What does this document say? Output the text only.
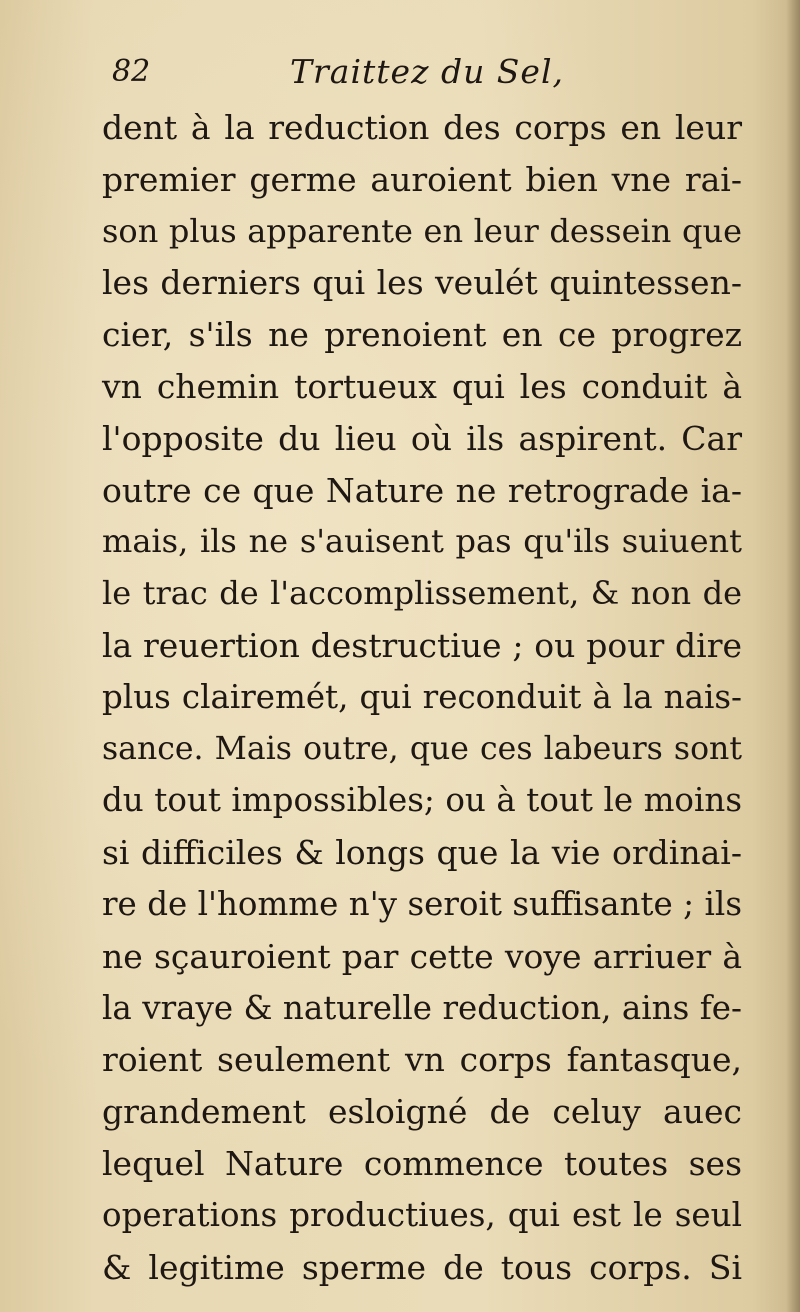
82	Traittez du Sel,
dent à la reduction des corps en leur
premier germe auroient bien vne rai-
son plus apparente en leur dessein que
les derniers qui les veulét quintessen-
cier, s'ils ne prenoient en ce progrez
vn chemin tortueux qui les conduit à
l'opposite du lieu où ils aspirent. Car
outre ce que Nature ne retrograde ia-
mais, ils ne s'auisent pas qu'ils suiuent
le trac de l'accomplissement, & non de
la reuertion destructiue ; ou pour dire
plus clairemét, qui reconduit à la nais-
sance. Mais outre, que ces labeurs sont
du tout impossibles; ou à tout le moins
si difficiles & longs que la vie ordinai-
re de l'homme n'y seroit suffisante ; ils
ne sçauroient par cette voye arriuer à
la vraye & naturelle reduction, ains fe-
roient seulement vn corps fantasque,
grandement esloigné de celuy auec
lequel Nature commence toutes ses
operations productiues, qui est le seul
& legitime sperme de tous corps. Si
